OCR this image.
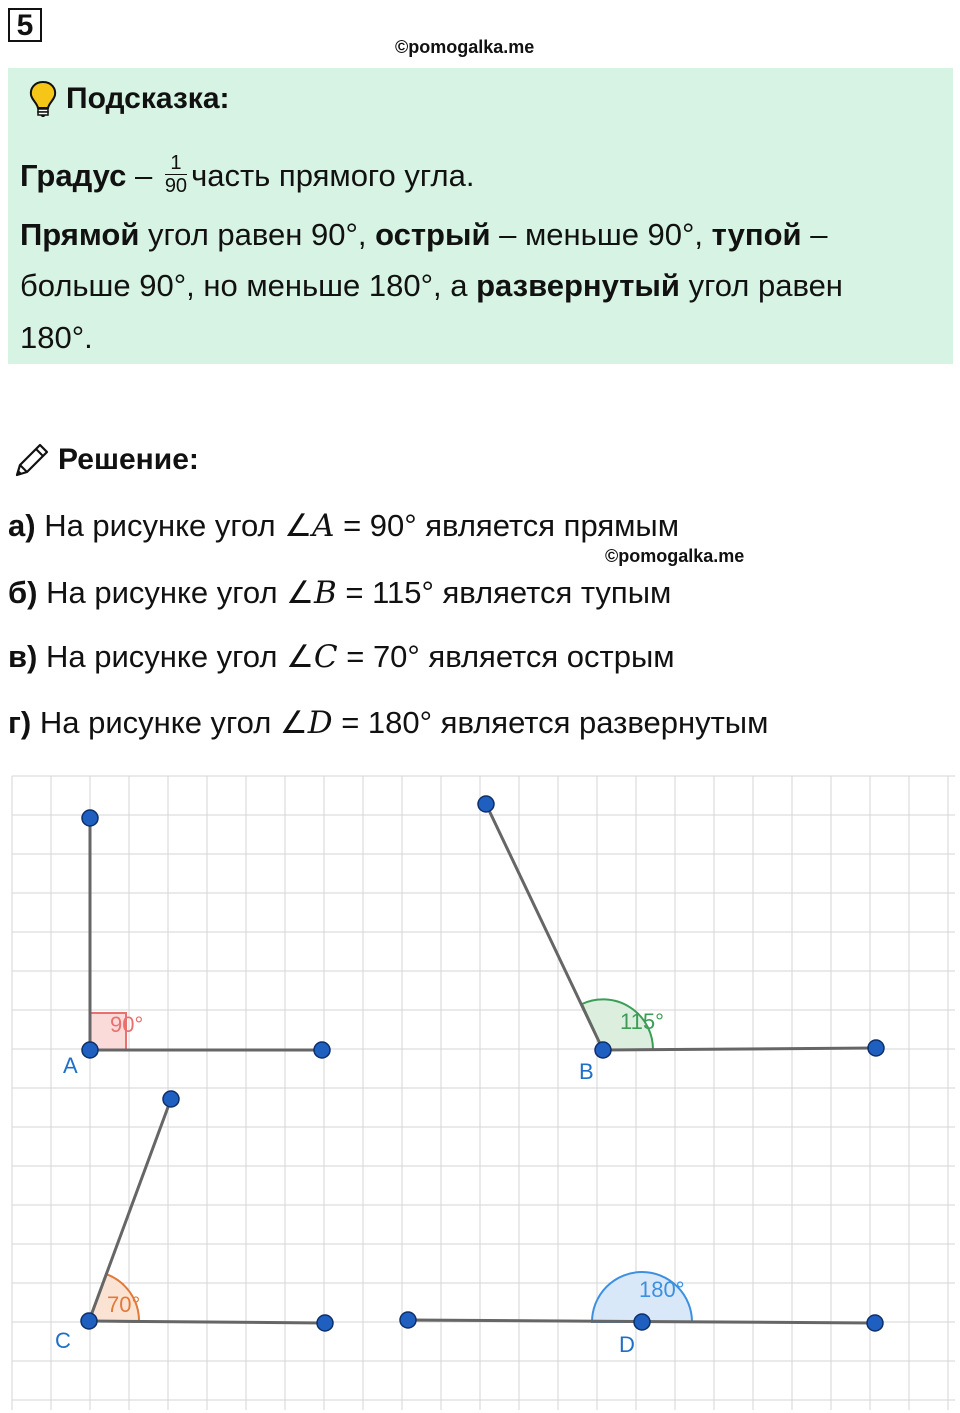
5
©pomogalka.me
Подсказка:
Градус – $\frac{1}{90}$ часть прямого угла.
Прямой угол равен 90°, острый – меньше 90°, тупой –
больше 90°, но меньше 180°, а развернутый угол равен
180°.
Решение:
а) На рисунке угол ∠A = 90° является прямым
©pomogalka.me
б) На рисунке угол ∠B = 115° является тупым
в) На рисунке угол ∠C = 70° является острым
г) На рисунке угол ∠D = 180° является развернутым
90°
A
115°
B
70°
C
180°
D
